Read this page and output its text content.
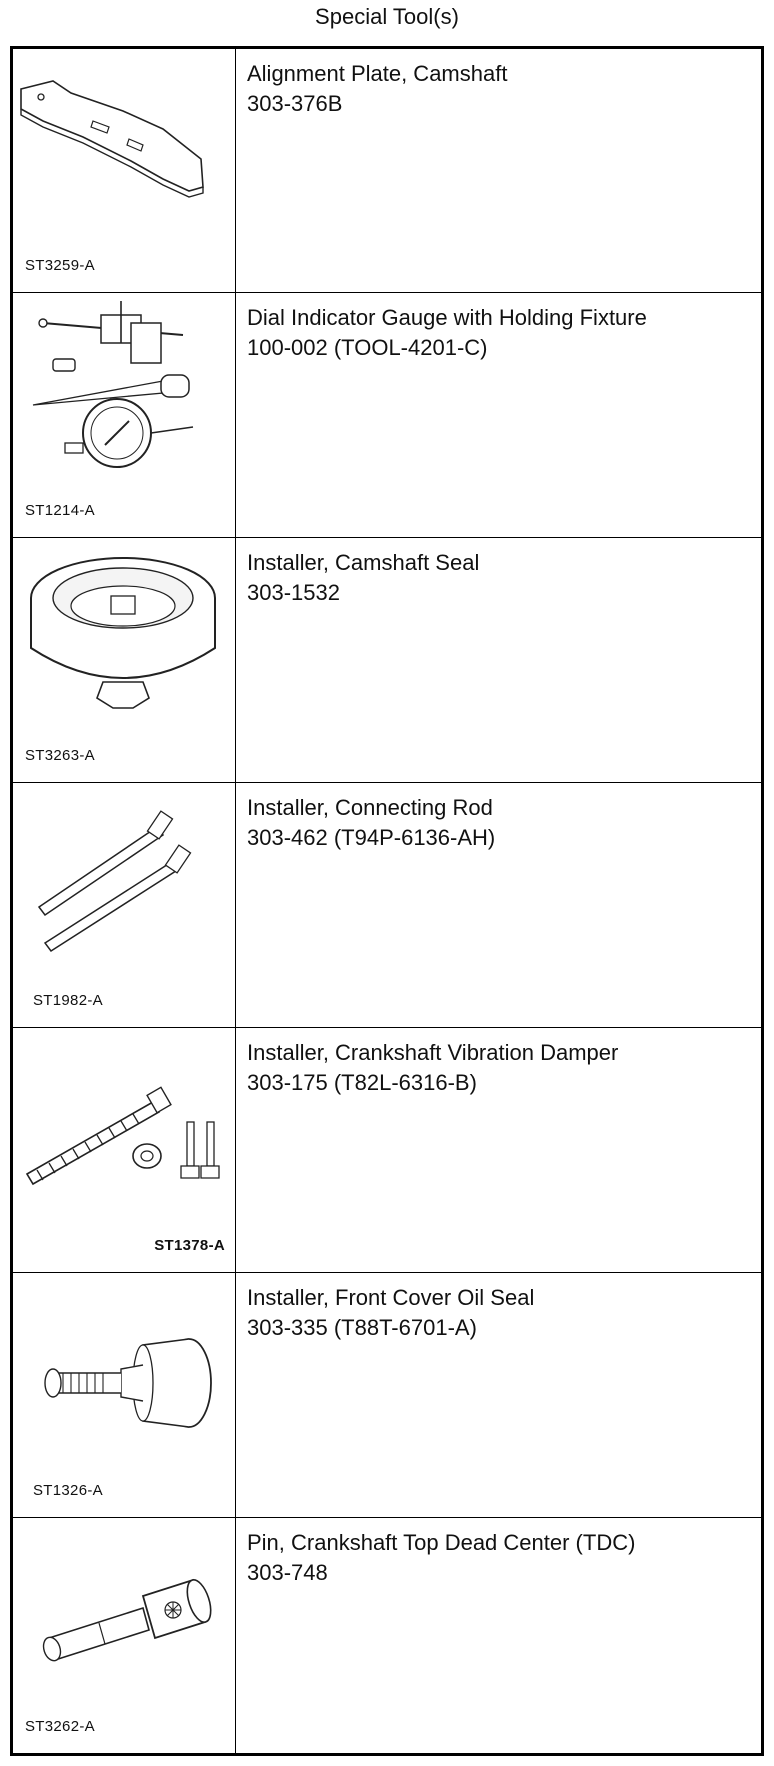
Special Tool(s)
ST3259-A
Alignment Plate, Camshaft
303-376B
ST1214-A
Dial Indicator Gauge with Holding Fixture
100-002 (TOOL-4201-C)
ST3263-A
Installer, Camshaft Seal
303-1532
ST1982-A
Installer, Connecting Rod
303-462 (T94P-6136-AH)
ST1378-A
Installer, Crankshaft Vibration Damper
303-175 (T82L-6316-B)
ST1326-A
Installer, Front Cover Oil Seal
303-335 (T88T-6701-A)
ST3262-A
Pin, Crankshaft Top Dead Center (TDC)
303-748
